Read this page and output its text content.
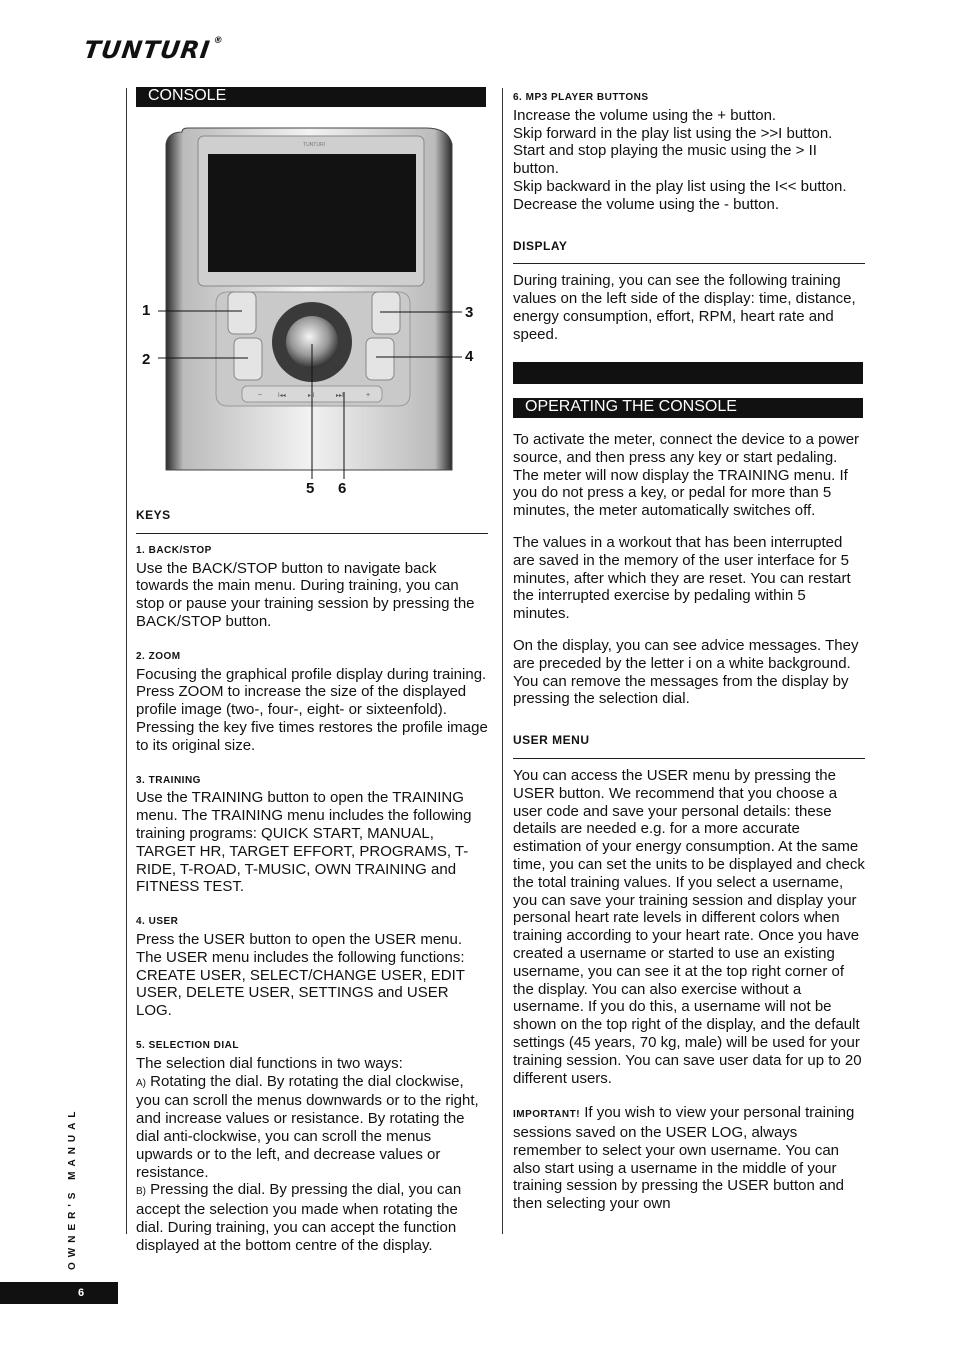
TUNTURI®
CONSOLE
TUNTURI
I◂◂	▸II	▸▸I
−	+
1
2
3
4
5 6
KEYS
1. BACK/STOP

Use the BACK/STOP button to navigate back towards the main menu. During training, you can stop or pause your training session by pressing the BACK/STOP button.

2. ZOOM

Focusing the graphical profile display during training. Press ZOOM to increase the size of the displayed profile image (two-, four-, eight- or sixteenfold). Pressing the key five times restores the profile image to its original size.

3. TRAINING

Use the TRAINING button to open the TRAINING menu. The TRAINING menu includes the following training programs: QUICK START, MANUAL, TARGET HR, TARGET EFFORT, PROGRAMS, T-RIDE, T-ROAD, T-MUSIC, OWN TRAINING and FITNESS TEST.

4. USER

Press the USER button to open the USER menu. The USER menu includes the following functions: CREATE USER, SELECT/CHANGE USER, EDIT USER, DELETE USER, SETTINGS and USER LOG.

5. SELECTION DIAL

The selection dial functions in two ways:

A) Rotating the dial. By rotating the dial clockwise, you can scroll the menus downwards or to the right, and increase values or resistance. By rotating the dial anti-clockwise, you can scroll the menus upwards or to the left, and decrease values or resistance.

B) Pressing the dial. By pressing the dial, you can accept the selection you made when rotating the dial. During training, you can accept the function displayed at the bottom centre of the display.

6. MP3 PLAYER BUTTONS

Increase the volume using the + button.

Skip forward in the play list using the >>I button.

Start and stop playing the music using the > II button.

Skip backward in the play list using the I<< button.

Decrease the volume using the - button.

DISPLAY

During training, you can see the following training values on the left side of the display: time, distance, energy consumption, effort, RPM, heart rate and speed.

OPERATING THE CONSOLE

To activate the meter, connect the device to a power source, and then press any key or start pedaling. The meter will now display the TRAINING menu. If you do not press a key, or pedal for more than 5 minutes, the meter automatically switches off.

The values in a workout that has been interrupted are saved in the memory of the user interface for 5 minutes, after which they are reset. You can restart the interrupted exercise by pedaling within 5 minutes.

On the display, you can see advice messages. They are preceded by the letter i on a white background. You can remove the messages from the display by pressing the selection dial.

USER MENU

You can access the USER menu by pressing the USER button. We recommend that you choose a user code and save your personal details: these details are needed e.g. for a more accurate estimation of your energy consumption. At the same time, you can set the units to be displayed and check the total training values. If you select a username, you can save your training session and display your personal heart rate levels in different colors when training according to your heart rate. Once you have created a username or started to use an existing username, you can see it at the top right corner of the display. You can also exercise without a username. If you do this, a username will not be shown on the top right of the display, and the default settings (45 years, 70 kg, male) will be used for your training session. You can save user data for up to 20 different users.

IMPORTANT! If you wish to view your personal training sessions saved on the USER LOG, always remember to select your own username. You can also start using a username in the middle of your training session by pressing the USER button and then selecting your own

OWNER'S MANUAL
6
